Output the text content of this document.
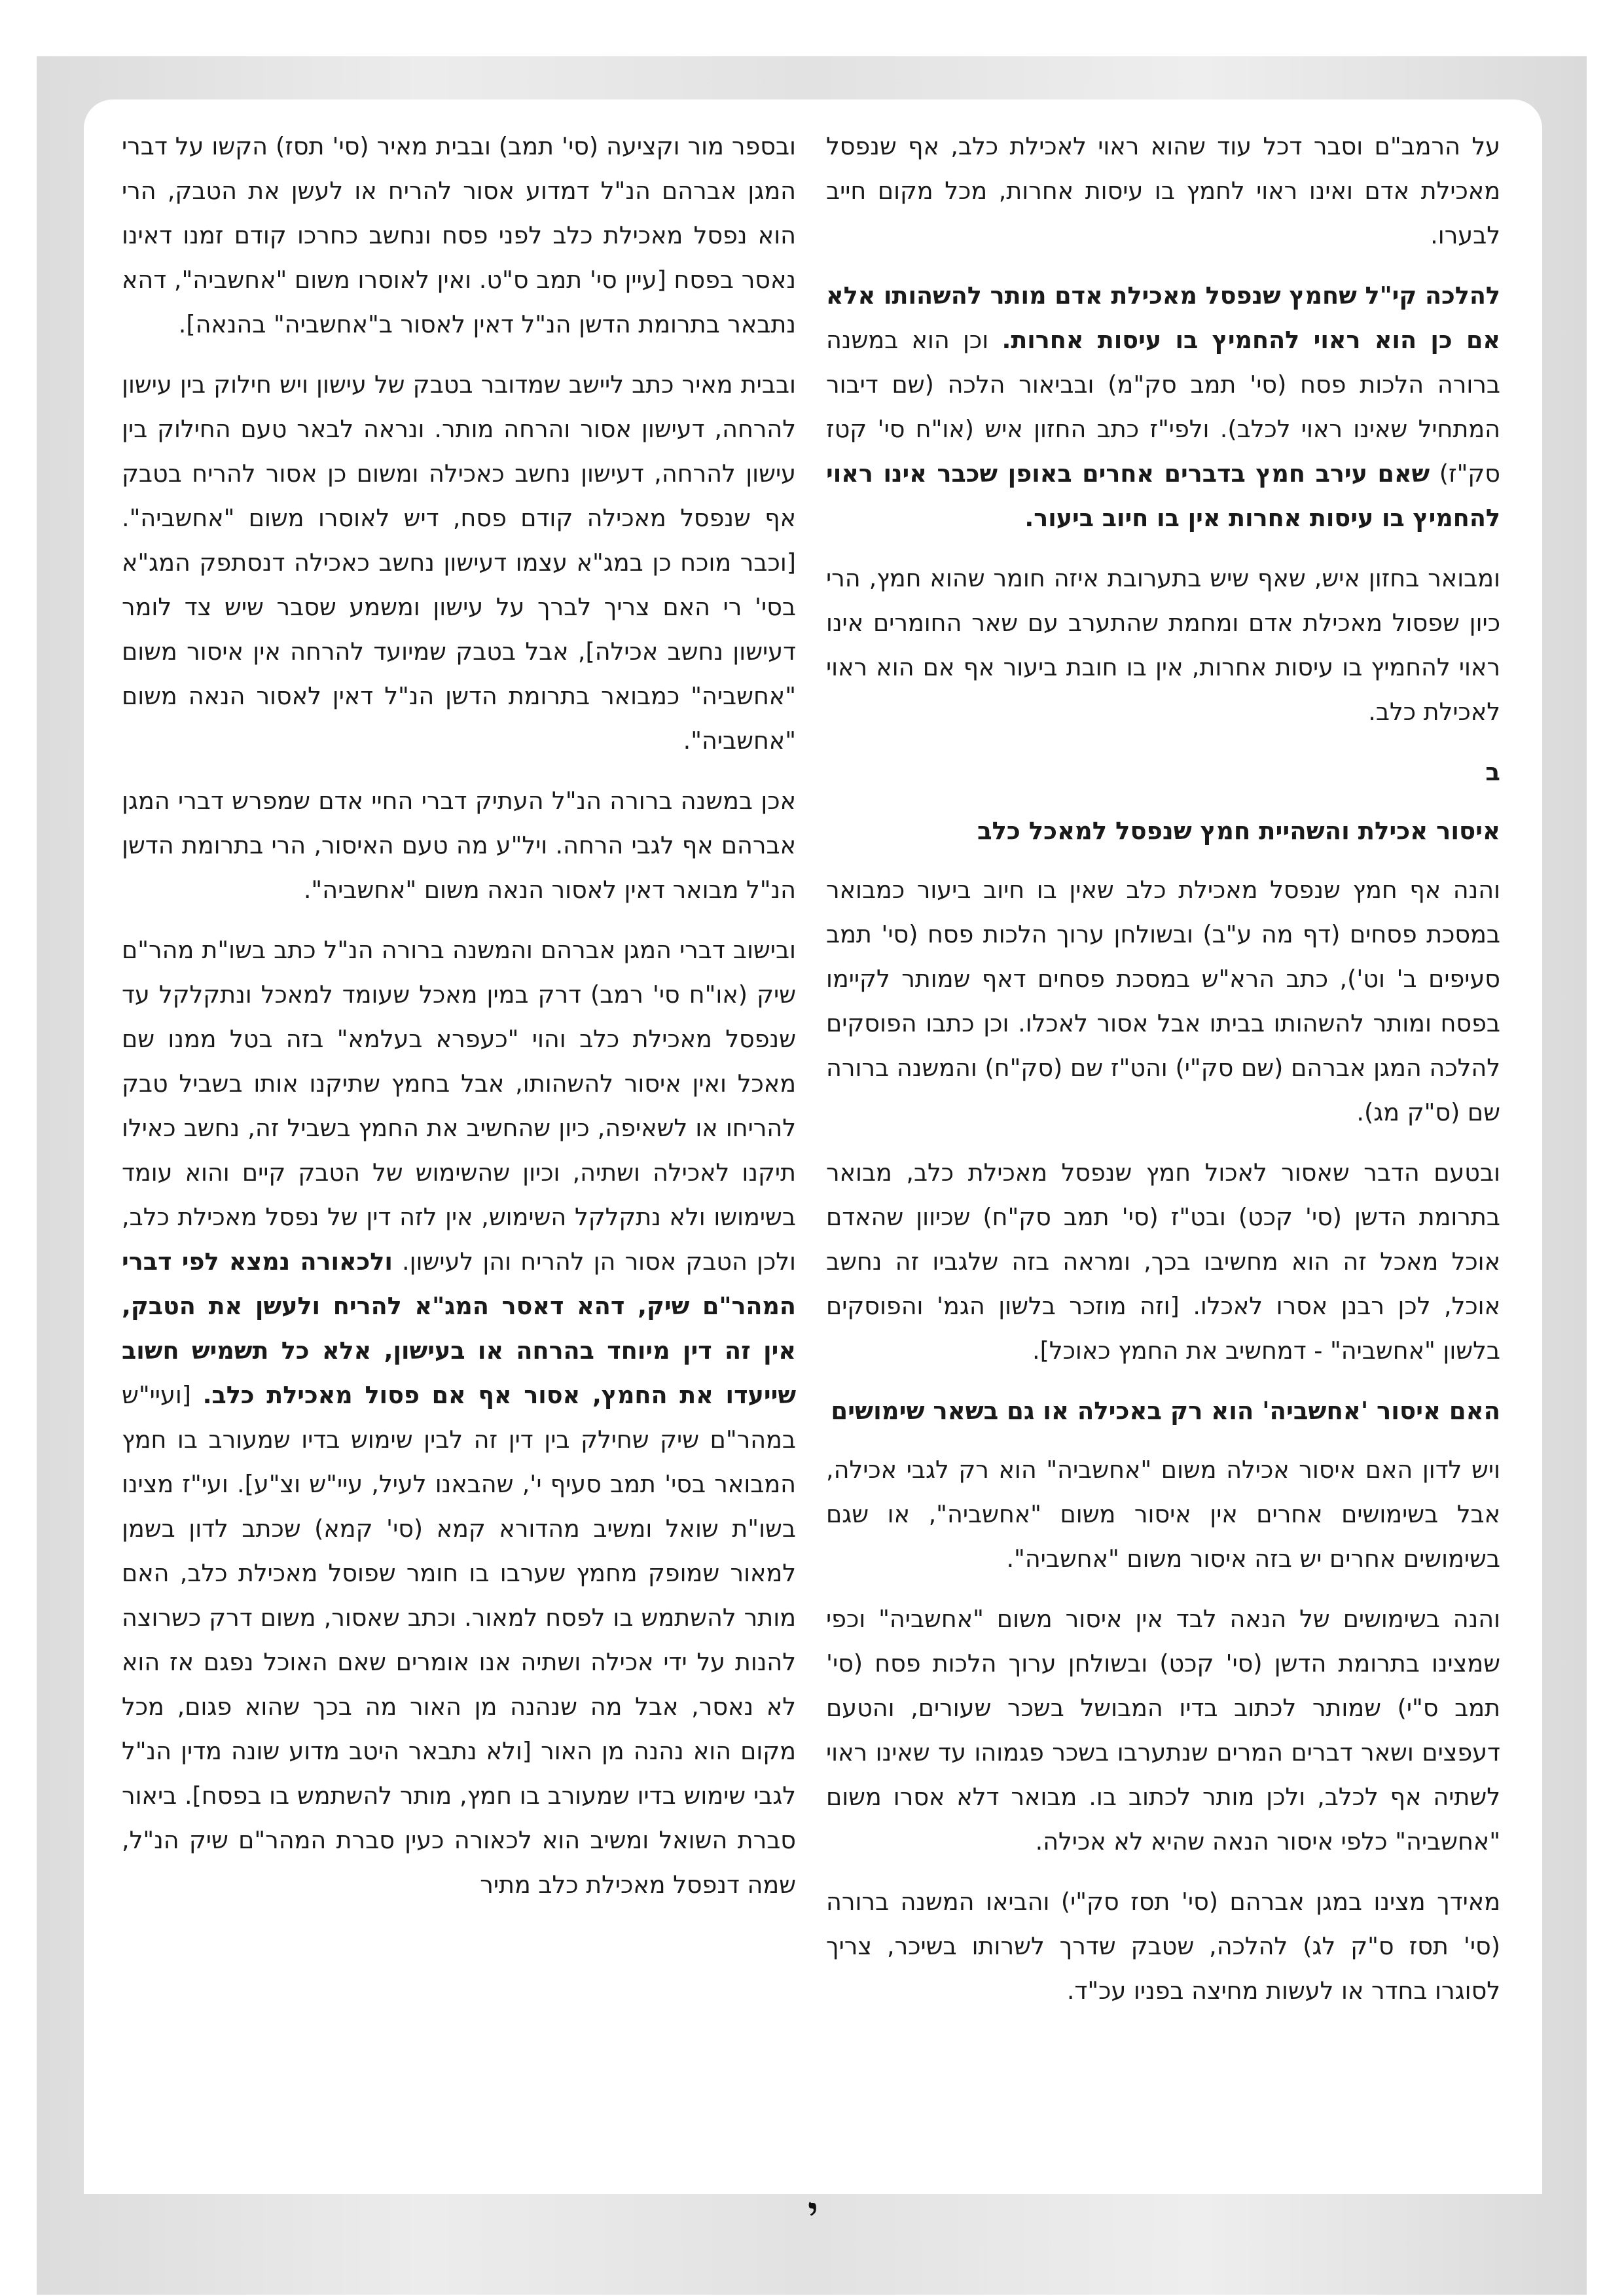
על הרמב"ם וסבר דכל עוד שהוא ראוי לאכילת כלב, אף שנפסל מאכילת אדם ואינו ראוי לחמץ בו עיסות אחרות, מכל מקום חייב לבערו.

להלכה קי"ל שחמץ שנפסל מאכילת אדם מותר להשהותו אלא אם כן הוא ראוי להחמיץ בו עיסות אחרות. וכן הוא במשנה ברורה הלכות פסח (סי' תמב סק"מ) ובביאור הלכה (שם דיבור המתחיל שאינו ראוי לכלב). ולפי"ז כתב החזון איש (או"ח סי' קטז סק"ז) שאם עירב חמץ בדברים אחרים באופן שכבר אינו ראוי להחמיץ בו עיסות אחרות אין בו חיוב ביעור.

ומבואר בחזון איש, שאף שיש בתערובת איזה חומר שהוא חמץ, הרי כיון שפסול מאכילת אדם ומחמת שהתערב עם שאר החומרים אינו ראוי להחמיץ בו עיסות אחרות, אין בו חובת ביעור אף אם הוא ראוי לאכילת כלב.

ב
איסור אכילת והשהיית חמץ שנפסל למאכל כלב

והנה אף חמץ שנפסל מאכילת כלב שאין בו חיוב ביעור כמבואר במסכת פסחים (דף מה ע"ב) ובשולחן ערוך הלכות פסח (סי' תמב סעיפים ב' וט'), כתב הרא"ש במסכת פסחים דאף שמותר לקיימו בפסח ומותר להשהותו בביתו אבל אסור לאכלו. וכן כתבו הפוסקים להלכה המגן אברהם (שם סק"י) והט"ז שם (סק"ח) והמשנה ברורה שם (ס"ק מג).

ובטעם הדבר שאסור לאכול חמץ שנפסל מאכילת כלב, מבואר בתרומת הדשן (סי' קכט) ובט"ז (סי' תמב סק"ח) שכיוון שהאדם אוכל מאכל זה הוא מחשיבו בכך, ומראה בזה שלגביו זה נחשב אוכל, לכן רבנן אסרו לאכלו. [וזה מוזכר בלשון הגמ' והפוסקים בלשון "אחשביה" - דמחשיב את החמץ כאוכל].

האם איסור 'אחשביה' הוא רק באכילה או גם בשאר שימושים

ויש לדון האם איסור אכילה משום "אחשביה" הוא רק לגבי אכילה, אבל בשימושים אחרים אין איסור משום "אחשביה", או שגם בשימושים אחרים יש בזה איסור משום "אחשביה".

והנה בשימושים של הנאה לבד אין איסור משום "אחשביה" וכפי שמצינו בתרומת הדשן (סי' קכט) ובשולחן ערוך הלכות פסח (סי' תמב ס"י) שמותר לכתוב בדיו המבושל בשכר שעורים, והטעם דעפצים ושאר דברים המרים שנתערבו בשכר פגמוהו עד שאינו ראוי לשתיה אף לכלב, ולכן מותר לכתוב בו. מבואר דלא אסרו משום "אחשביה" כלפי איסור הנאה שהיא לא אכילה.

מאידך מצינו במגן אברהם (סי' תסז סק"י) והביאו המשנה ברורה (סי' תסז ס"ק לג) להלכה, שטבק שדרך לשרותו בשיכר, צריך לסוגרו בחדר או לעשות מחיצה בפניו עכ"ד.

ובספר מור וקציעה (סי' תמב) ובבית מאיר (סי' תסז) הקשו על דברי המגן אברהם הנ"ל דמדוע אסור להריח או לעשן את הטבק, הרי הוא נפסל מאכילת כלב לפני פסח ונחשב כחרכו קודם זמנו דאינו נאסר בפסח [עיין סי' תמב ס"ט. ואין לאוסרו משום "אחשביה", דהא נתבאר בתרומת הדשן הנ"ל דאין לאסור ב"אחשביה" בהנאה].

ובבית מאיר כתב ליישב שמדובר בטבק של עישון ויש חילוק בין עישון להרחה, דעישון אסור והרחה מותר. ונראה לבאר טעם החילוק בין עישון להרחה, דעישון נחשב כאכילה ומשום כן אסור להריח בטבק אף שנפסל מאכילה קודם פסח, דיש לאוסרו משום "אחשביה". [וכבר מוכח כן במג"א עצמו דעישון נחשב כאכילה דנסתפק המג"א בסי' רי האם צריך לברך על עישון ומשמע שסבר שיש צד לומר דעישון נחשב אכילה], אבל בטבק שמיועד להרחה אין איסור משום "אחשביה" כמבואר בתרומת הדשן הנ"ל דאין לאסור הנאה משום "אחשביה".

אכן במשנה ברורה הנ"ל העתיק דברי החיי אדם שמפרש דברי המגן אברהם אף לגבי הרחה. ויל"ע מה טעם האיסור, הרי בתרומת הדשן הנ"ל מבואר דאין לאסור הנאה משום "אחשביה".

ובישוב דברי המגן אברהם והמשנה ברורה הנ"ל כתב בשו"ת מהר"ם שיק (או"ח סי' רמב) דרק במין מאכל שעומד למאכל ונתקלקל עד שנפסל מאכילת כלב והוי "כעפרא בעלמא" בזה בטל ממנו שם מאכל ואין איסור להשהותו, אבל בחמץ שתיקנו אותו בשביל טבק להריחו או לשאיפה, כיון שהחשיב את החמץ בשביל זה, נחשב כאילו תיקנו לאכילה ושתיה, וכיון שהשימוש של הטבק קיים והוא עומד בשימושו ולא נתקלקל השימוש, אין לזה דין של נפסל מאכילת כלב, ולכן הטבק אסור הן להריח והן לעישון. ולכאורה נמצא לפי דברי המהר"ם שיק, דהא דאסר המג"א להריח ולעשן את הטבק, אין זה דין מיוחד בהרחה או בעישון, אלא כל תשמיש חשוב שייעדו את החמץ, אסור אף אם פסול מאכילת כלב. [ועיי"ש במהר"ם שיק שחילק בין דין זה לבין שימוש בדיו שמעורב בו חמץ המבואר בסי' תמב סעיף י', שהבאנו לעיל, עיי"ש וצ"ע]. ועי"ז מצינו בשו"ת שואל ומשיב מהדורא קמא (סי' קמא) שכתב לדון בשמן למאור שמופק מחמץ שערבו בו חומר שפוסל מאכילת כלב, האם מותר להשתמש בו לפסח למאור. וכתב שאסור, משום דרק כשרוצה להנות על ידי אכילה ושתיה אנו אומרים שאם האוכל נפגם אז הוא לא נאסר, אבל מה שנהנה מן האור מה בכך שהוא פגום, מכל מקום הוא נהנה מן האור [ולא נתבאר היטב מדוע שונה מדין הנ"ל לגבי שימוש בדיו שמעורב בו חמץ, מותר להשתמש בו בפסח]. ביאור סברת השואל ומשיב הוא לכאורה כעין סברת המהר"ם שיק הנ"ל, שמה דנפסל מאכילת כלב מתיר

י
